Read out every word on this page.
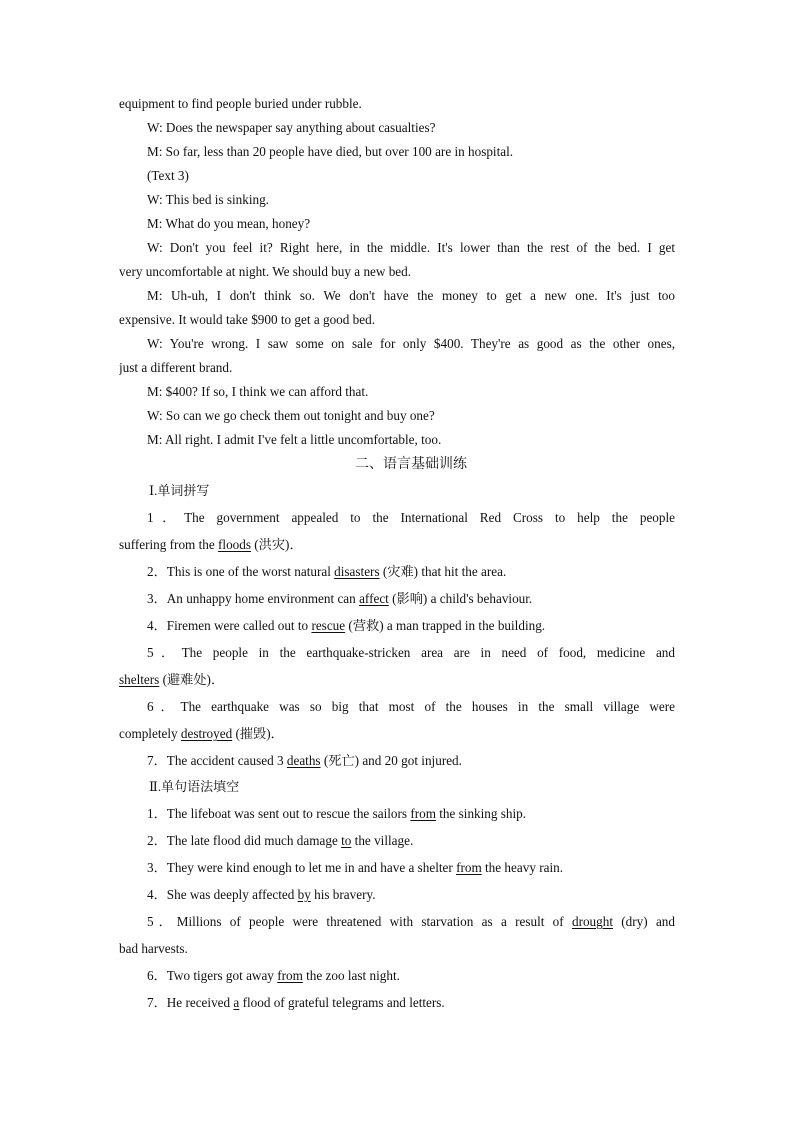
equipment to find people buried under rubble.
W: Does the newspaper say anything about casualties?
M: So far, less than 20 people have died, but over 100 are in hospital.
(Text 3)
W: This bed is sinking.
M: What do you mean, honey?
W: Don't you feel it? Right here, in the middle. It's lower than the rest of the bed. I get
very uncomfortable at night. We should buy a new bed.
M: Uh-uh, I don't think so. We don't have the money to get a new one. It's just too
expensive. It would take $900 to get a good bed.
W: You're wrong. I saw some on sale for only $400. They're as good as the other ones,
just a different brand.
M: $400? If so, I think we can afford that.
W: So can we go check them out tonight and buy one?
M: All right. I admit I've felt a little uncomfortable, too.
二、语言基础训练
Ⅰ.单词拼写
1．The government appealed to the International Red Cross to help the people
suffering from the floods (洪灾)．
2．This is one of the worst natural disasters (灾难) that hit the area.
3．An unhappy home environment can affect (影响) a child's behaviour.
4．Firemen were called out to rescue (营救) a man trapped in the building.
5．The people in the earthquake-stricken area are in need of food, medicine and
shelters (避难处)．
6．The earthquake was so big that most of the houses in the small village were
completely destroyed (摧毁)．
7．The accident caused 3 deaths (死亡) and 20 got injured.
Ⅱ.单句语法填空
1．The lifeboat was sent out to rescue the sailors from the sinking ship.
2．The late flood did much damage to the village.
3．They were kind enough to let me in and have a shelter from the heavy rain.
4．She was deeply affected by his bravery.
5．Millions of people were threatened with starvation as a result of drought (dry) and
bad harvests.
6．Two tigers got away from the zoo last night.
7．He received a flood of grateful telegrams and letters.
